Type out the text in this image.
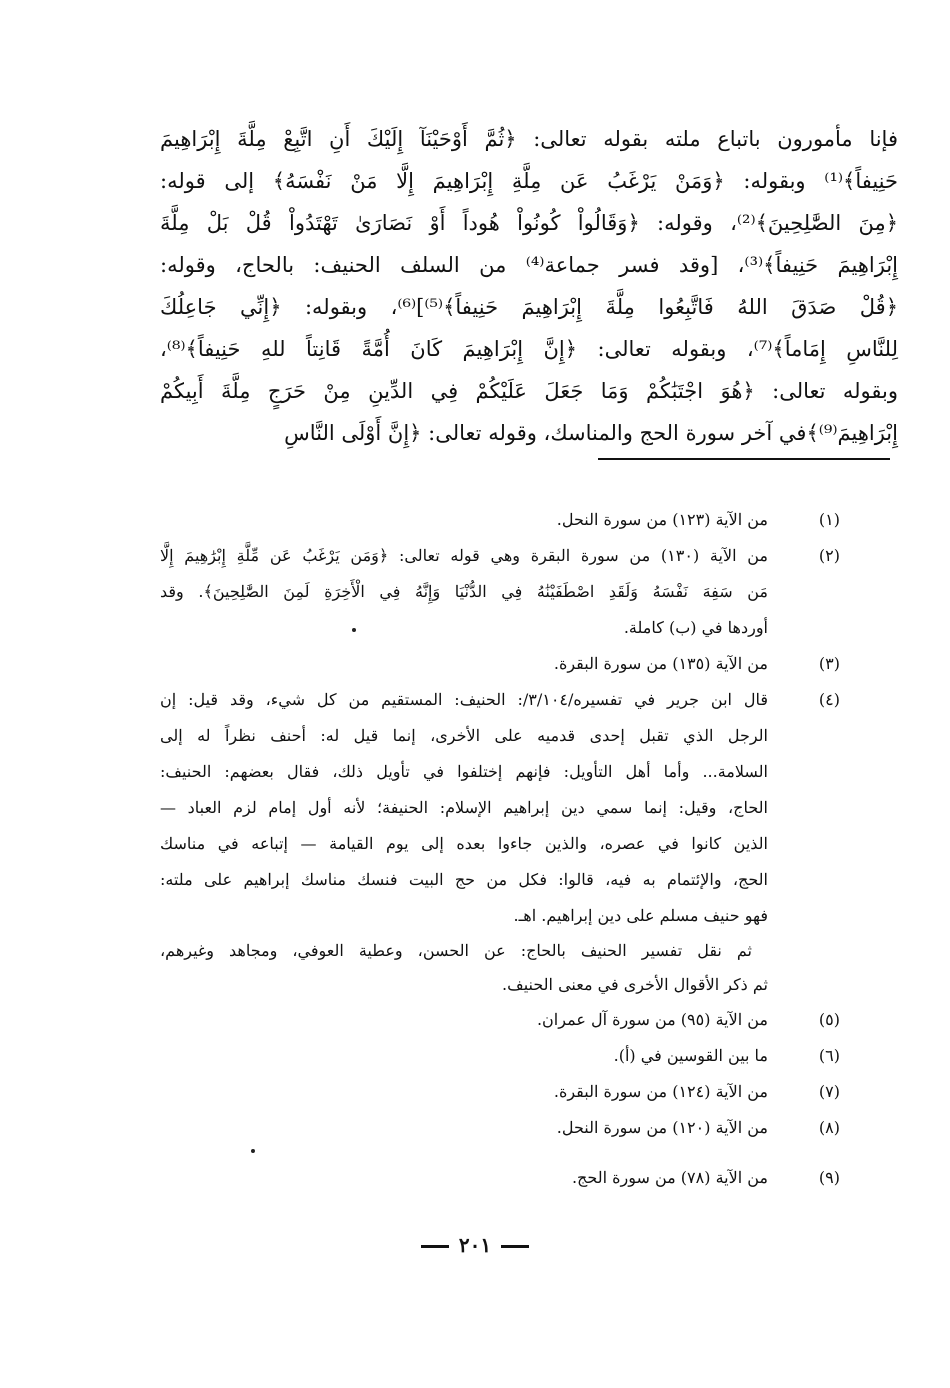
فإنا مأمورون باتباع ملته بقوله تعالى: ﴿ثُمَّ أَوْحَيْنَآ إِلَيْكَ أَنِ اتَّبِعْ مِلَّةَ إِبْرَاهِيمَ
حَنِيفاً﴾⁽¹⁾ وبقوله: ﴿وَمَنْ يَرْغَبُ عَن مِلَّةِ إِبْرَاهِيمَ إِلَّا مَنْ نَفْسَهُ﴾ إلى قوله:
﴿مِنَ الصَّٰلِحِينَ﴾⁽²⁾، وقوله: ﴿وَقَالُواْ كُونُواْ هُوداً أَوْ نَصَارَىٰ تَهْتَدُواْ قُلْ بَلْ مِلَّةَ
إِبْرَاهِيمَ حَنِيفاً﴾⁽³⁾، [وقد فسر جماعة⁽⁴⁾ من السلف الحنيف: بالحاج، وقوله:
﴿قُلْ صَدَقَ اللهُ فَاتَّبِعُوا مِلَّةَ إِبْرَاهِيمَ حَنِيفاً﴾⁽⁵⁾]⁽⁶⁾، وبقوله: ﴿إِنِّي جَاعِلُكَ
لِلنَّاسِ إِمَاماً﴾⁽⁷⁾، وبقوله تعالى: ﴿إِنَّ إِبْرَاهِيمَ كَانَ أُمَّةً قَانِتاً للهِ حَنِيفاً﴾⁽⁸⁾،
وبقوله تعالى: ﴿هُوَ اجْتَبَٰكُمْ وَمَا جَعَلَ عَلَيْكُمْ فِي الدِّينِ مِنْ حَرَجٍ مِلَّةَ أَبِيكُمْ
إِبْرَاهِيمَ⁽⁹⁾﴾في آخر سورة الحج والمناسك، وقوله تعالى: ﴿إِنَّ أَوْلَى النَّاسِ
(١)
من الآية (١٢٣) من سورة النحل.
(٢)
من الآية (١٣٠) من سورة البقرة وهي قوله تعالى: ﴿وَمَن يَرْغَبُ عَن مِّلَّةِ إِبْرَٰهِيمَ إِلَّا
مَن سَفِهَ نَفْسَهُ وَلَقَدِ اصْطَفَيْنَٰهُ فِي الدُّنْيَا وَإِنَّهُ فِي الْأَخِرَةِ لَمِنَ الصَّٰلِحِينَ﴾. وقد
أوردها في (ب) كاملة.
(٣)
من الآية (١٣٥) من سورة البقرة.
(٤)
قال ابن جرير في تفسيره/٣/١٠٤/: الحنيف: المستقيم من كل شيء، وقد قيل: إن
الرجل الذي تقبل إحدى قدميه على الأخرى، إنما قيل له: أحنف نظراً له إلى
السلامة... وأما أهل التأويل: فإنهم إختلفوا في تأويل ذلك، فقال بعضهم: الحنيف:
الحاج، وقيل: إنما سمي دين إبراهيم الإسلام: الحنيفة؛ لأنه أول إمام لزم العباد —
الذين كانوا في عصره، والذين جاءوا بعده إلى يوم القيامة — إتباعه في مناسك
الحج، والإئتمام به فيه، قالوا: فكل من حج البيت فنسك مناسك إبراهيم على ملته:
فهو حنيف مسلم على دين إبراهيم. اهـ.
ثم نقل تفسير الحنيف بالحاج: عن الحسن، وعطية العوفي، ومجاهد وغيرهم،
ثم ذكر الأقوال الأخرى في معنى الحنيف.
(٥)
من الآية (٩٥) من سورة آل عمران.
(٦)
ما بين القوسين في (أ).
(٧)
من الآية (١٢٤) من سورة البقرة.
(٨)
من الآية (١٢٠) من سورة النحل.
(٩)
من الآية (٧٨) من سورة الحج.
٢٠١
